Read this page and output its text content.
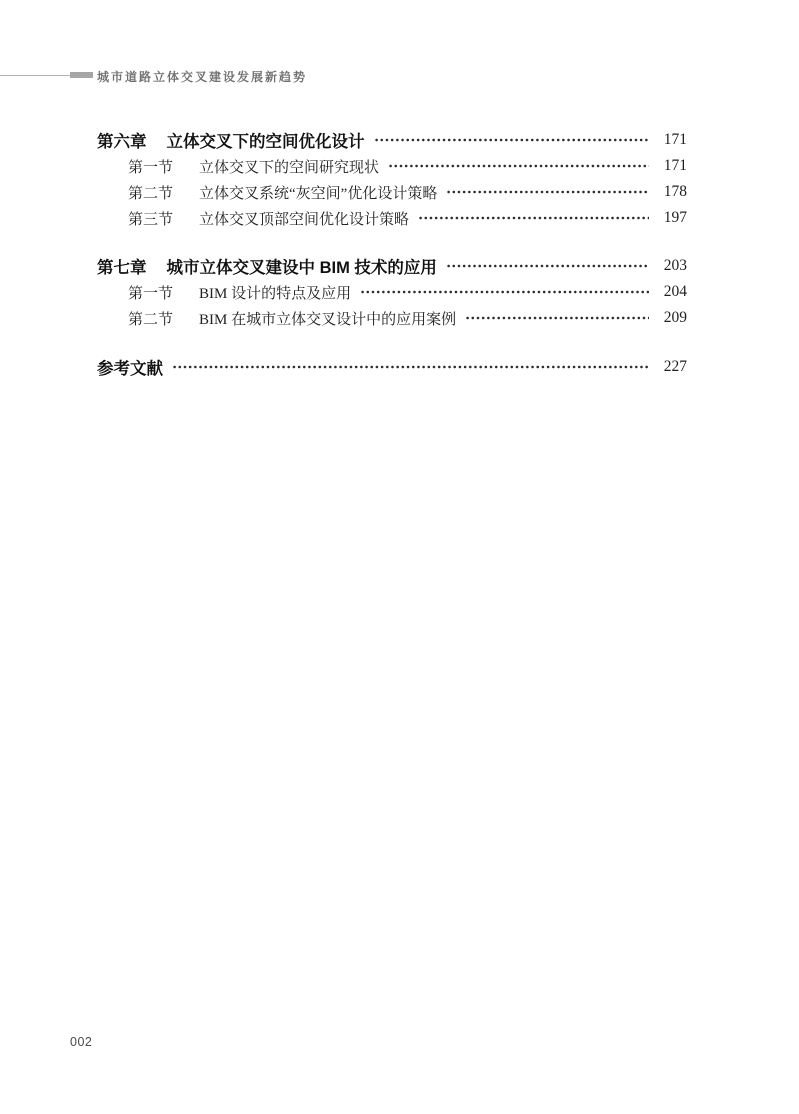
城市道路立体交叉建设发展新趋势
第六章 立体交叉下的空间优化设计	171
第一节 立体交叉下的空间研究现状	171
第二节 立体交叉系统“灰空间”优化设计策略	178
第三节 立体交叉顶部空间优化设计策略	197
第七章 城市立体交叉建设中 BIM 技术的应用	203
第一节 BIM 设计的特点及应用	204
第二节 BIM 在城市立体交叉设计中的应用案例	209
参考文献	227
002
